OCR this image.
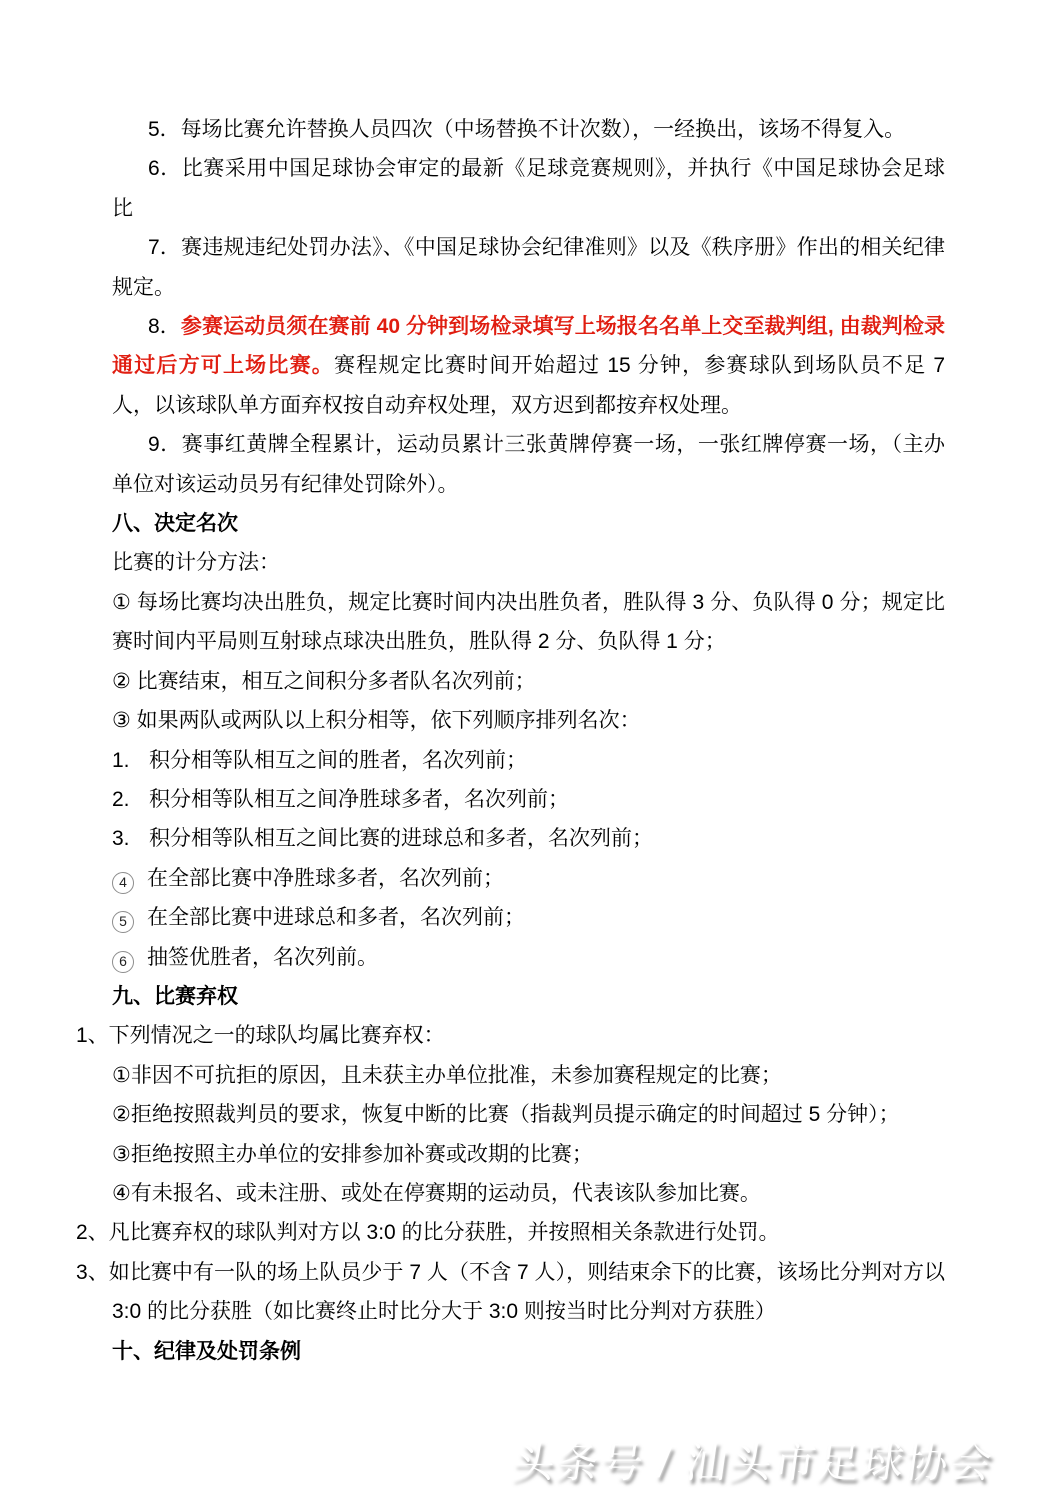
5．每场比赛允许替换人员四次（中场替换不计次数），一经换出，该场不得复入。

6．比赛采用中国足球协会审定的最新《足球竞赛规则》，并执行《中国足球协会足球比

7．赛违规违纪处罚办法》、《中国足球协会纪律准则》以及《秩序册》作出的相关纪律规定。

8．参赛运动员须在赛前 40 分钟到场检录填写上场报名名单上交至裁判组, 由裁判检录通过后方可上场比赛。赛程规定比赛时间开始超过 15 分钟，参赛球队到场队员不足 7 人，以该球队单方面弃权按自动弃权处理，双方迟到都按弃权处理。

9．赛事红黄牌全程累计，运动员累计三张黄牌停赛一场，一张红牌停赛一场，（主办单位对该运动员另有纪律处罚除外）。

八、决定名次

比赛的计分方法：

① 每场比赛均决出胜负，规定比赛时间内决出胜负者，胜队得 3 分、负队得 0 分；规定比赛时间内平局则互射球点球决出胜负，胜队得 2 分、负队得 1 分；

② 比赛结束，相互之间积分多者队名次列前；

③ 如果两队或两队以上积分相等，依下列顺序排列名次：

1. 积分相等队相互之间的胜者，名次列前；

2. 积分相等队相互之间净胜球多者，名次列前；

3. 积分相等队相互之间比赛的进球总和多者，名次列前；

4 在全部比赛中净胜球多者，名次列前；

5 在全部比赛中进球总和多者，名次列前；

6 抽签优胜者，名次列前。

九、比赛弃权

1、下列情况之一的球队均属比赛弃权：

①非因不可抗拒的原因，且未获主办单位批准，未参加赛程规定的比赛；

②拒绝按照裁判员的要求，恢复中断的比赛（指裁判员提示确定的时间超过 5 分钟）；

③拒绝按照主办单位的安排参加补赛或改期的比赛；

④有未报名、或未注册、或处在停赛期的运动员，代表该队参加比赛。

2、凡比赛弃权的球队判对方以 3:0 的比分获胜，并按照相关条款进行处罚。

3、如比赛中有一队的场上队员少于 7 人（不含 7 人），则结束余下的比赛，该场比分判对方以 3:0 的比分获胜（如比赛终止时比分大于 3:0 则按当时比分判对方获胜）

十、纪律及处罚条例

头条号 / 汕头市足球协会
